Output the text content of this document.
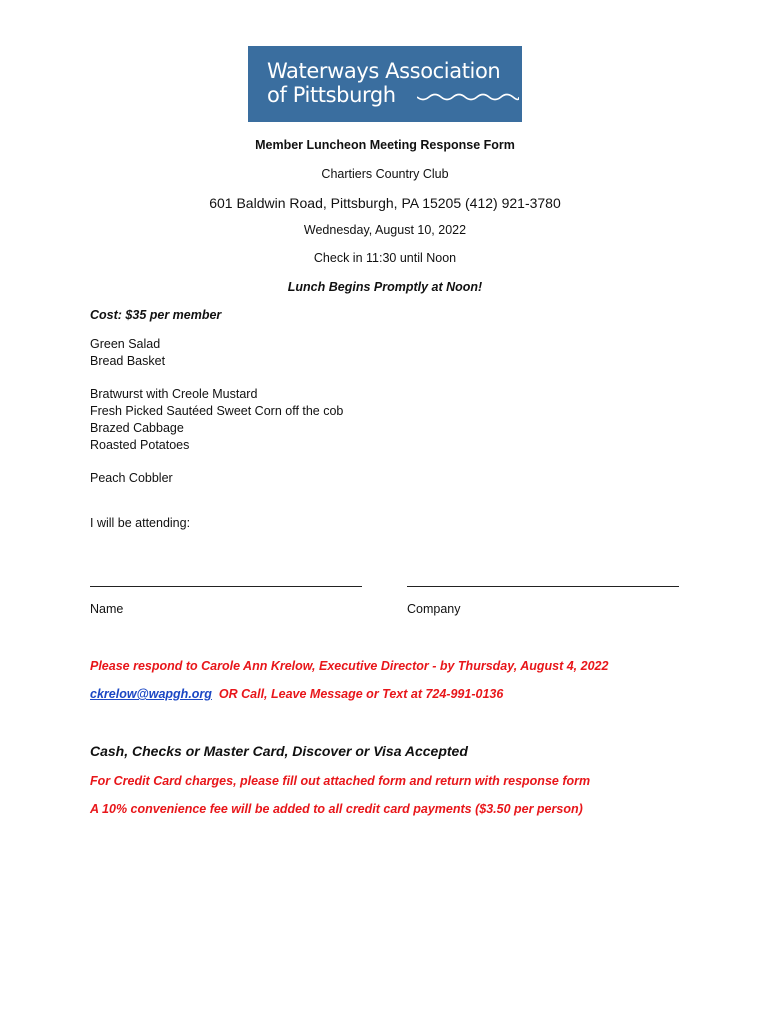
Waterways Association
of Pittsburgh
Member Luncheon Meeting Response Form
Chartiers Country Club
601 Baldwin Road, Pittsburgh, PA 15205 (412) 921-3780
Wednesday, August 10, 2022
Check in 11:30 until Noon
Lunch Begins Promptly at Noon!
Cost: $35 per member
Green Salad
Bread Basket
Bratwurst with Creole Mustard
Fresh Picked Sautéed Sweet Corn off the cob
Brazed Cabbage
Roasted Potatoes
Peach Cobbler
I will be attending:
Name	Company
Please respond to Carole Ann Krelow, Executive Director - by Thursday, August 4, 2022
ckrelow@wapgh.org OR Call, Leave Message or Text at 724-991-0136
Cash, Checks or Master Card, Discover or Visa Accepted
For Credit Card charges, please fill out attached form and return with response form
A 10% convenience fee will be added to all credit card payments ($3.50 per person)
